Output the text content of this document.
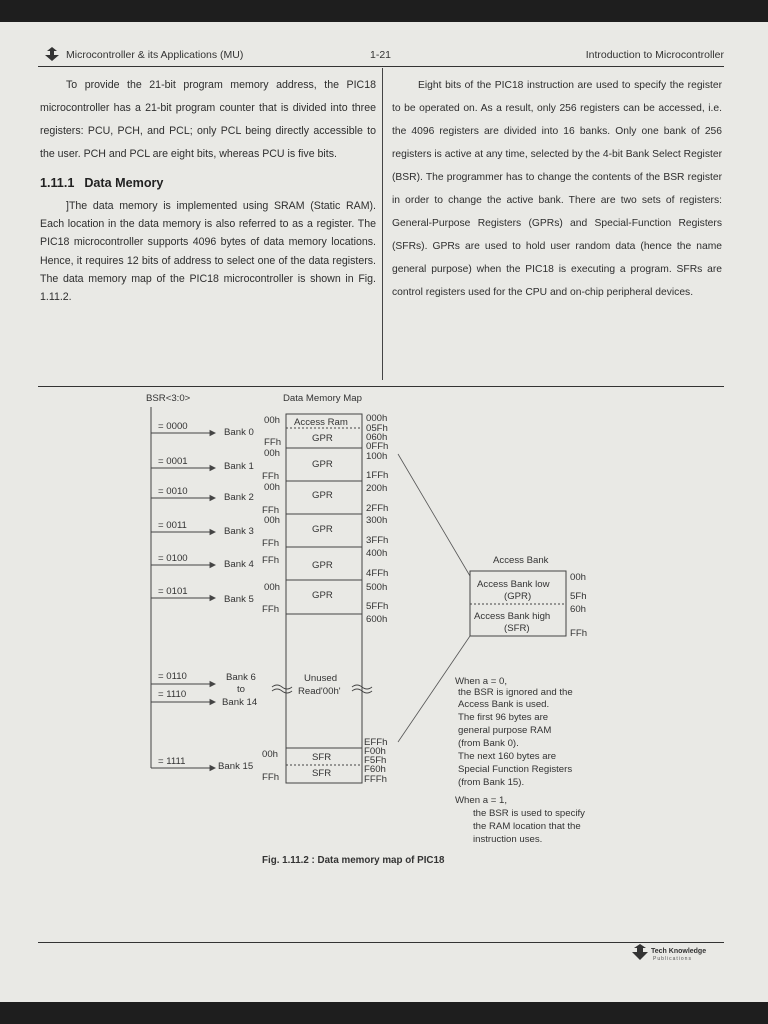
Microcontroller & its Applications (MU)	1-21	Introduction to Microcontroller

To provide the 21-bit program memory address, the PIC18 microcontroller has a 21-bit program counter that is divided into three registers: PCU, PCH, and PCL; only PCL being directly accessible to the user. PCH and PCL are eight bits, whereas PCU is five bits.

1.11.1 Data Memory

]The data memory is implemented using SRAM (Static RAM). Each location in the data memory is also referred to as a register. The PIC18 microcontroller supports 4096 bytes of data memory locations. Hence, it requires 12 bits of address to select one of the data registers. The data memory map of the PIC18 microcontroller is shown in Fig. 1.11.2.

Eight bits of the PIC18 instruction are used to specify the register to be operated on. As a result, only 256 registers can be accessed, i.e. the 4096 registers are divided into 16 banks. Only one bank of 256 registers is active at any time, selected by the 4-bit Bank Select Register (BSR). The programmer has to change the contents of the BSR register in order to change the active bank. There are two sets of registers: General-Purpose Registers (GPRs) and Special-Function Registers (SFRs). GPRs are used to hold user random data (hence the name general purpose) when the PIC18 is executing a program. SFRs are control registers used for the CPU and on-chip peripheral devices.

Tech Knowledge
Publications
BSR<3:0>	Data Memory Map
= 0000
= 0001
= 0010
= 0011
= 0100
= 0101
= 0110
= 1110
= 1111
Bank 0
Bank 1
Bank 2
Bank 3
Bank 4
Bank 5
Bank 6
to
Bank 14
Bank 15
00h
FFh
00h
FFh
00h
FFh
00h
FFh
FFh
00h
FFh
00h
FFh
Access Ram
GPR
GPR
GPR
GPR
GPR
GPR
SFR
SFR
Unused
Read'00h'
000h
05Fh
060h
0FFh
100h
1FFh
200h
2FFh
300h
3FFh
400h
4FFh
500h
5FFh
600h
EFFh
F00h
F5Fh
F60h
FFFh
Access Bank
Access Bank low
(GPR)
Access Bank high
(SFR)
00h
5Fh
60h
FFh
When a = 0,
the BSR is ignored and the
Access Bank is used.
The first 96 bytes are
general purpose RAM
(from Bank 0).
The next 160 bytes are
Special Function Registers
(from Bank 15).
When a = 1,
the BSR is used to specify
the RAM location that the
instruction uses.
Fig. 1.11.2 : Data memory map of PIC18
